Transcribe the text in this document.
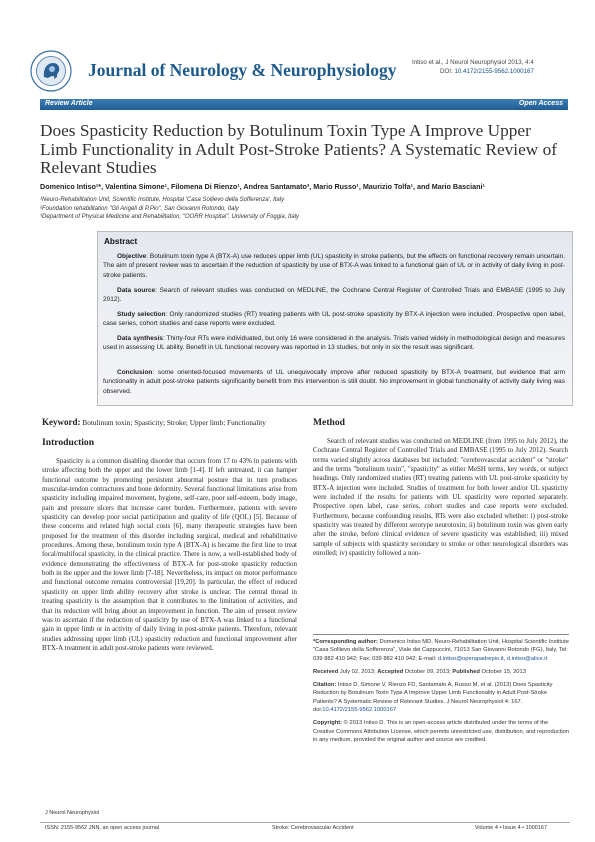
Journal of Neurology & Neurophysiology Intiso et al., J Neurol Neurophysiol 2013, 4:4
DOI: 10.4172/2155-9562.1000167
Review Article	Open Access
Does Spasticity Reduction by Botulinum Toxin Type A Improve Upper Limb Functionality in Adult Post-Stroke Patients? A Systematic Review of Relevant Studies
Domenico Intiso¹*, Valentina Simone¹, Filomena Di Rienzo¹, Andrea Santamato³, Mario Russo¹, Maurizio Tolfa¹, and Mario Basciani¹
¹Neuro-Rehabilitation Unit, Scientific Institute, Hospital 'Casa Sollievo della Sofferenza', Italy
²Foundation rehabilitation "Gli Angeli di P.Pio", San Giovanni Rotondo, Italy
³Department of Physical Medicine and Rehabilitation, "OORR Hospital", University of Foggia, Italy
Abstract
Objective: Botulinum toxin type A (BTX-A) use reduces upper limb (UL) spasticity in stroke patients, but the effects on functional recovery remain uncertain. The aim of present review was to ascertain if the reduction of spasticity by use of BTX-A was linked to a functional gain of UL or in activity of daily living in post-stroke patients.
Data source: Search of relevant studies was conducted on MEDLINE, the Cochrane Central Register of Controlled Trials and EMBASE (1995 to July 2012).
Study selection: Only randomized studies (RT) treating patients with UL post-stroke spasticity by BTX-A injection were included. Prospective open label, case series, cohort studies and case reports were excluded.
Data synthesis: Thirty-four RTs were individuated, but only 16 were considered in the analysis. Trials varied widely in methodological design and measures used in assessing UL ability. Benefit in UL functional recovery was reported in 13 studies, but only in six the result was significant.
Conclusion: some oriented-focused movements of UL unequivocally improve after reduced spasticity by BTX-A treatment, but evidence that arm functionality in adult post-stroke patients significantly benefit from this intervention is still doubt. No improvement in global functionality of activity daily living was observed.
Keyword: Botulinum toxin; Spasticity; Stroke; Upper limb; Functionality
Introduction

Spasticity is a common disabling disorder that occurs from 17 to 43% in patients with stroke affecting both the upper and the lower limb [1-4]. If left untreated, it can hamper functional outcome by promoting persistent abnormal posture that in turn produces muscular-tendon contractures and bone deformity. Several functional limitations arise from spasticity including impaired movement, hygiene, self-care, poor self-esteem, body image, pain and pressure ulcers that increase carer burden. Furthermore, patients with severe spasticity can develop poor social participation and quality of life (QOL) [5]. Because of these concerns and related high social costs [6], many therapeutic strategies have been proposed for the treatment of this disorder including surgical, medical and rehabilitative procedures. Among these, botulinum toxin type A (BTX-A) is became the first line to treat focal/multifocal spasticity, in the clinical practice. There is now, a well-established body of evidence demonstrating the effectiveness of BTX-A for post-stroke spasticity reduction both in the upper and the lower limb [7-18]. Nevertheless, its impact on motor performance and functional outcome remains controversial [19,20]. In particular, the effect of reduced spasticity on upper limb ability recovery after stroke is unclear. The central thread in treating spasticity is the assumption that it contributes to the limitation of activities, and that its reduction will bring about an improvement in function. The aim of present review was to ascertain if the reduction of spasticity by use of BTX-A was linked to a functional gain in upper limb or in activity of daily living in post-stroke patients. Therefore, relevant studies addressing upper limb (UL) spasticity reduction and functional improvement after BTX-A treatment in adult post-stroke patients were reviewed.

Method

Search of relevant studies was conducted on MEDLINE (from 1995 to July 2012), the Cochrane Central Register of Controlled Trials and EMBASE (1995 to July 2012). Search terms varied slightly across databases but included: "cerebrovascular accident" or "stroke" and the terms "botulinum toxin", "spasticity" as either MeSH terms, key words, or subject headings. Only randomized studies (RT) treating patients with UL post-stroke spasticity by BTX-A injection were included. Studies of treatment for both lower and/or UL spasticity were included if the results for patients with UL spasticity were reported separately. Prospective open label, case series, cohort studies and case reports were excluded. Furthermore, because confounding results, RTs were also excluded whether: i) post-stroke spasticity was treated by different serotype neurotoxin; ii) botulinum toxin was given early after the stroke, before clinical evidence of severe spasticity was established; iii) mixed sample of subjects with spasticity secondary to stroke or other neurological disorders was enrolled; iv) spasticity followed a non-

*Corresponding author: Domenico Intiso MD, Neuro-Rehabilitation Unit, Hospital Scientific Institute "Casa Sollievo della Sofferenza", Viale dei Cappuccini, 71013 San Giovanni Rotondo (FG), Italy, Tel: 039 882 410 942; Fax: 039 882 410 942; E-mail: d.intiso@operapadrepio.it, d.intiso@alice.it

Received July 02, 2013; Accepted October 09, 2013; Published October 15, 2013

Citation: Intiso D, Simone V, Rienzo FD, Santamato A, Russo M, et al. (2013) Does Spasticity Reduction by Botulinum Toxin Type A Improve Upper Limb Functionality in Adult Post-Stroke Patients? A Systematic Review of Relevant Studies. J Neurol Neurophysiol 4: 167. doi:10.4172/2155-9562.1000167

Copyright: © 2013 Intiso D. This is an open-access article distributed under the terms of the Creative Commons Attribution License, which permits unrestricted use, distribution, and reproduction in any medium, provided the original author and source are credited.

J Neurol Neurophysiol
ISSN: 2155-9562 JNN, an open access journal	Stroke: Cerebrovascular Accident	Volume 4 • Issue 4 • 1000167
